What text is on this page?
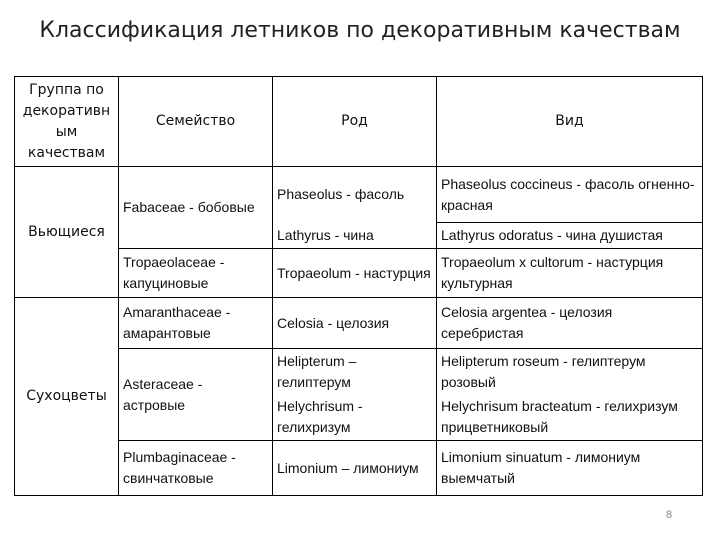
Классификация летников по декоративным качествам
Группа по декоративн ым качествам	Семейство	Род	Вид
Вьющиеся	Fabaceae - бобовые	Phaseolus - фасоль	Phaseolus coccineus - фасоль огненно-красная
		Lathyrus - чина	Lathyrus odoratus - чина душистая
	Tropaeolaceae - капуциновые	Tropaeolum - настурция	Tropaeolum x cultorum - настурция культурная
Сухоцветы	Amaranthaceae - амарантовые	Celosia - целозия	Celosia argentea - целозия серебристая
	Asteraceae - астровые	Helipterum – гелиптерум	Helipterum roseum - гелиптерум розовый
		Helychrisum - гелихризум	Helychrisum bracteatum - гелихризум прицветниковый
	Plumbaginaceae - свинчатковые	Limonium – лимониум	Limonium sinuatum - лимониум выемчатый
8
